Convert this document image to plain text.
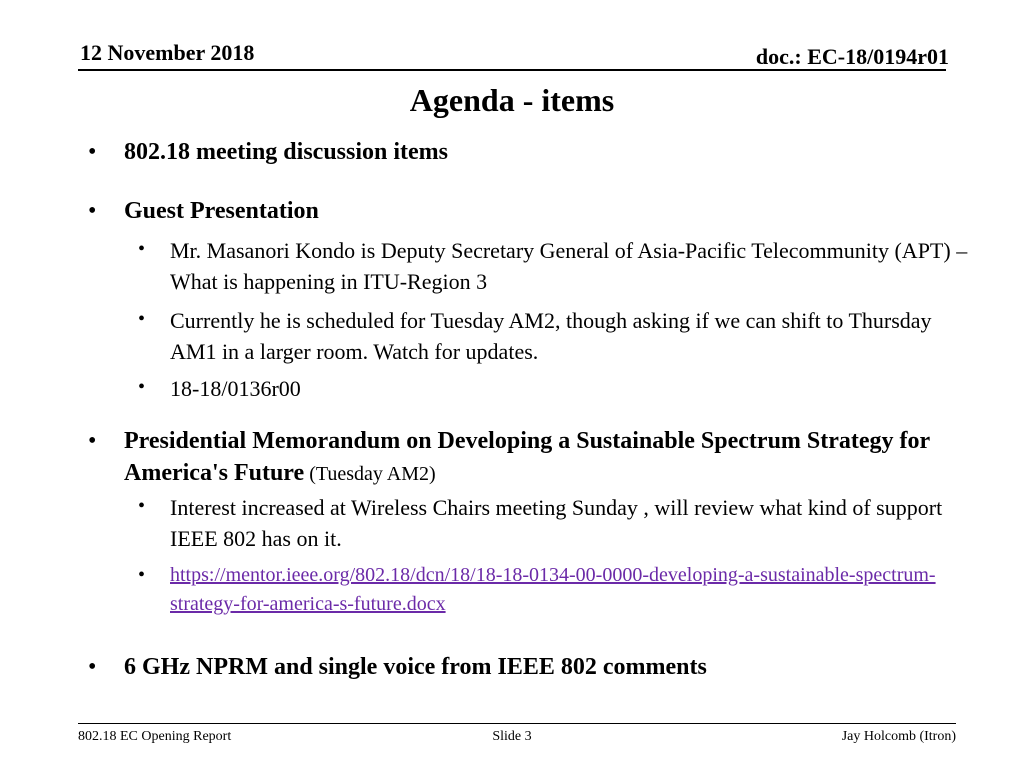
12 November 2018	doc.: EC-18/0194r01
Agenda - items
• 802.18 meeting discussion items
• Guest Presentation
• Mr. Masanori Kondo is Deputy Secretary General of Asia-Pacific Telecommunity (APT) – What is happening in ITU-Region 3
• Currently he is scheduled for Tuesday AM2, though asking if we can shift to Thursday AM1 in a larger room. Watch for updates.
• 18-18/0136r00
• Presidential Memorandum on Developing a Sustainable Spectrum Strategy for America's Future (Tuesday AM2)
• Interest increased at Wireless Chairs meeting Sunday , will review what kind of support IEEE 802 has on it.
• https://mentor.ieee.org/802.18/dcn/18/18-18-0134-00-0000-developing-a-sustainable-spectrum-strategy-for-america-s-future.docx
• 6 GHz NPRM and single voice from IEEE 802 comments
802.18 EC Opening Report	Slide 3	Jay Holcomb (Itron)
